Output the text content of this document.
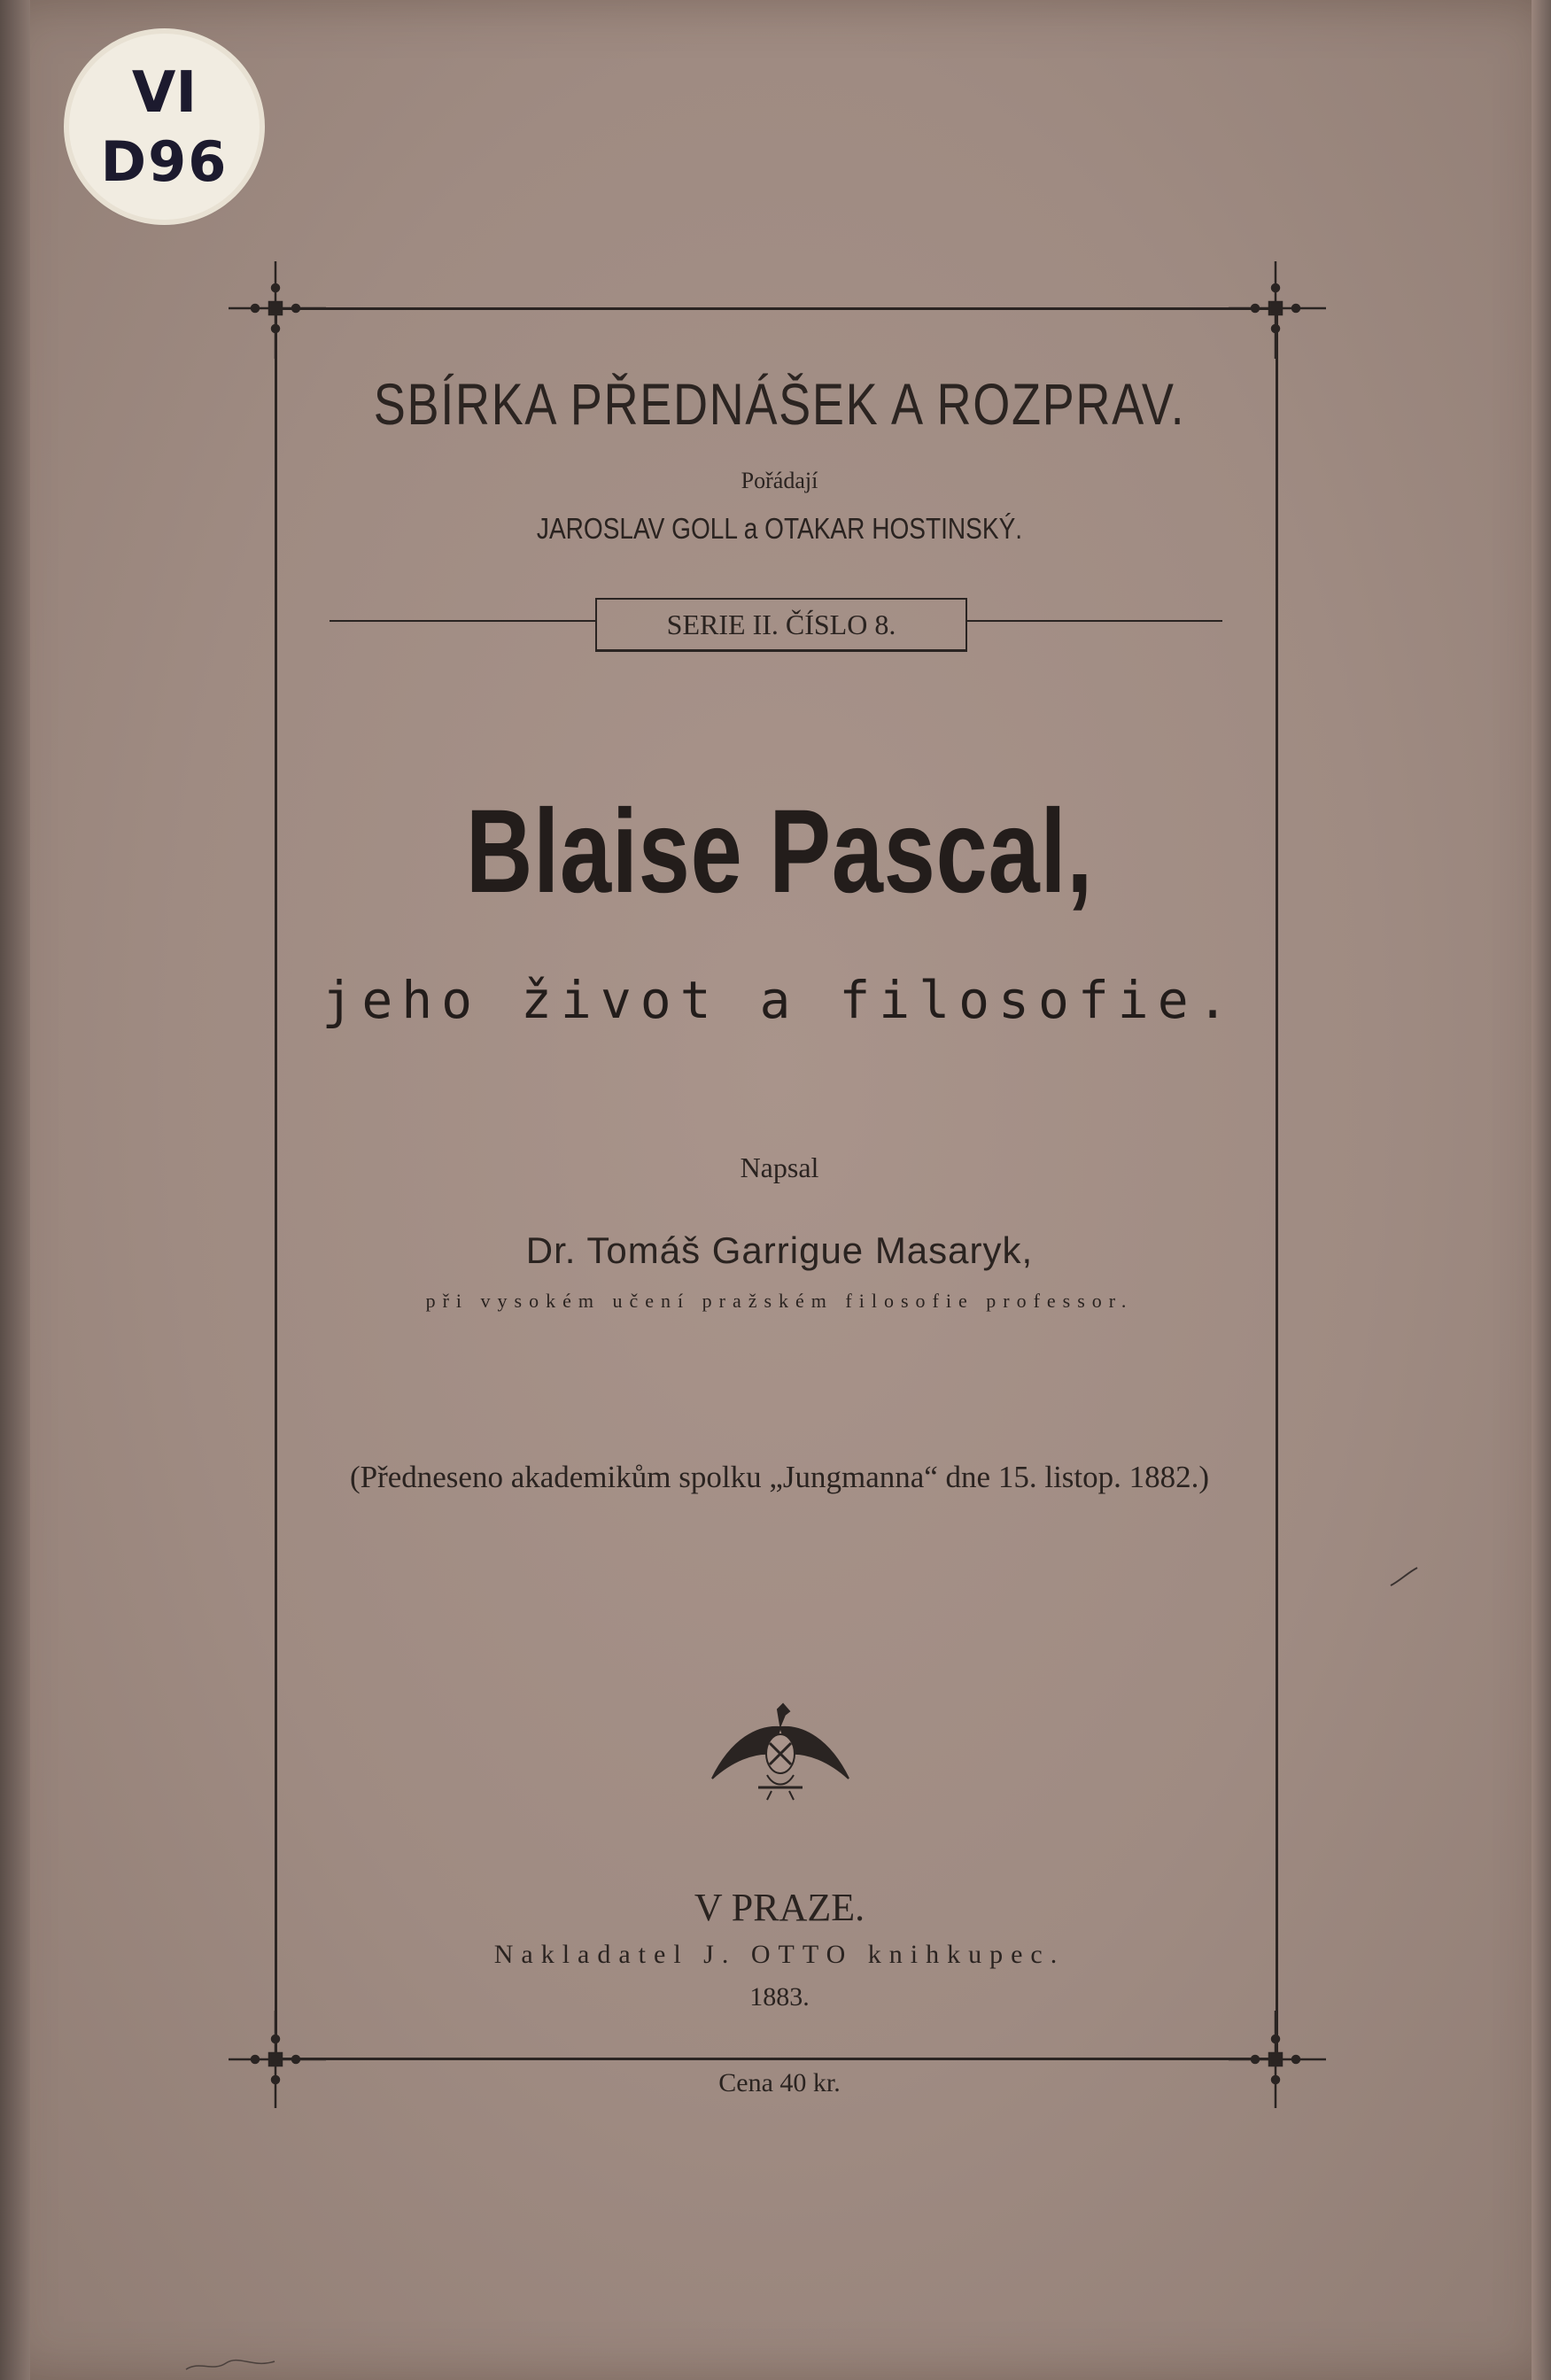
VI
D96
SBÍRKA PŘEDNÁŠEK A ROZPRAV.
Pořádají
JAROSLAV GOLL a OTAKAR HOSTINSKÝ.
SERIE II. ČÍSLO 8.
Blaise Pascal,
jeho život a filosofie.
Napsal
Dr. Tomáš Garrigue Masaryk,
při vysokém učení pražském filosofie professor.
(Předneseno akademikům spolku „Jungmanna“ dne 15. listop. 1882.)
V PRAZE.
Nakladatel J. OTTO knihkupec.
1883.
Cena 40 kr.
